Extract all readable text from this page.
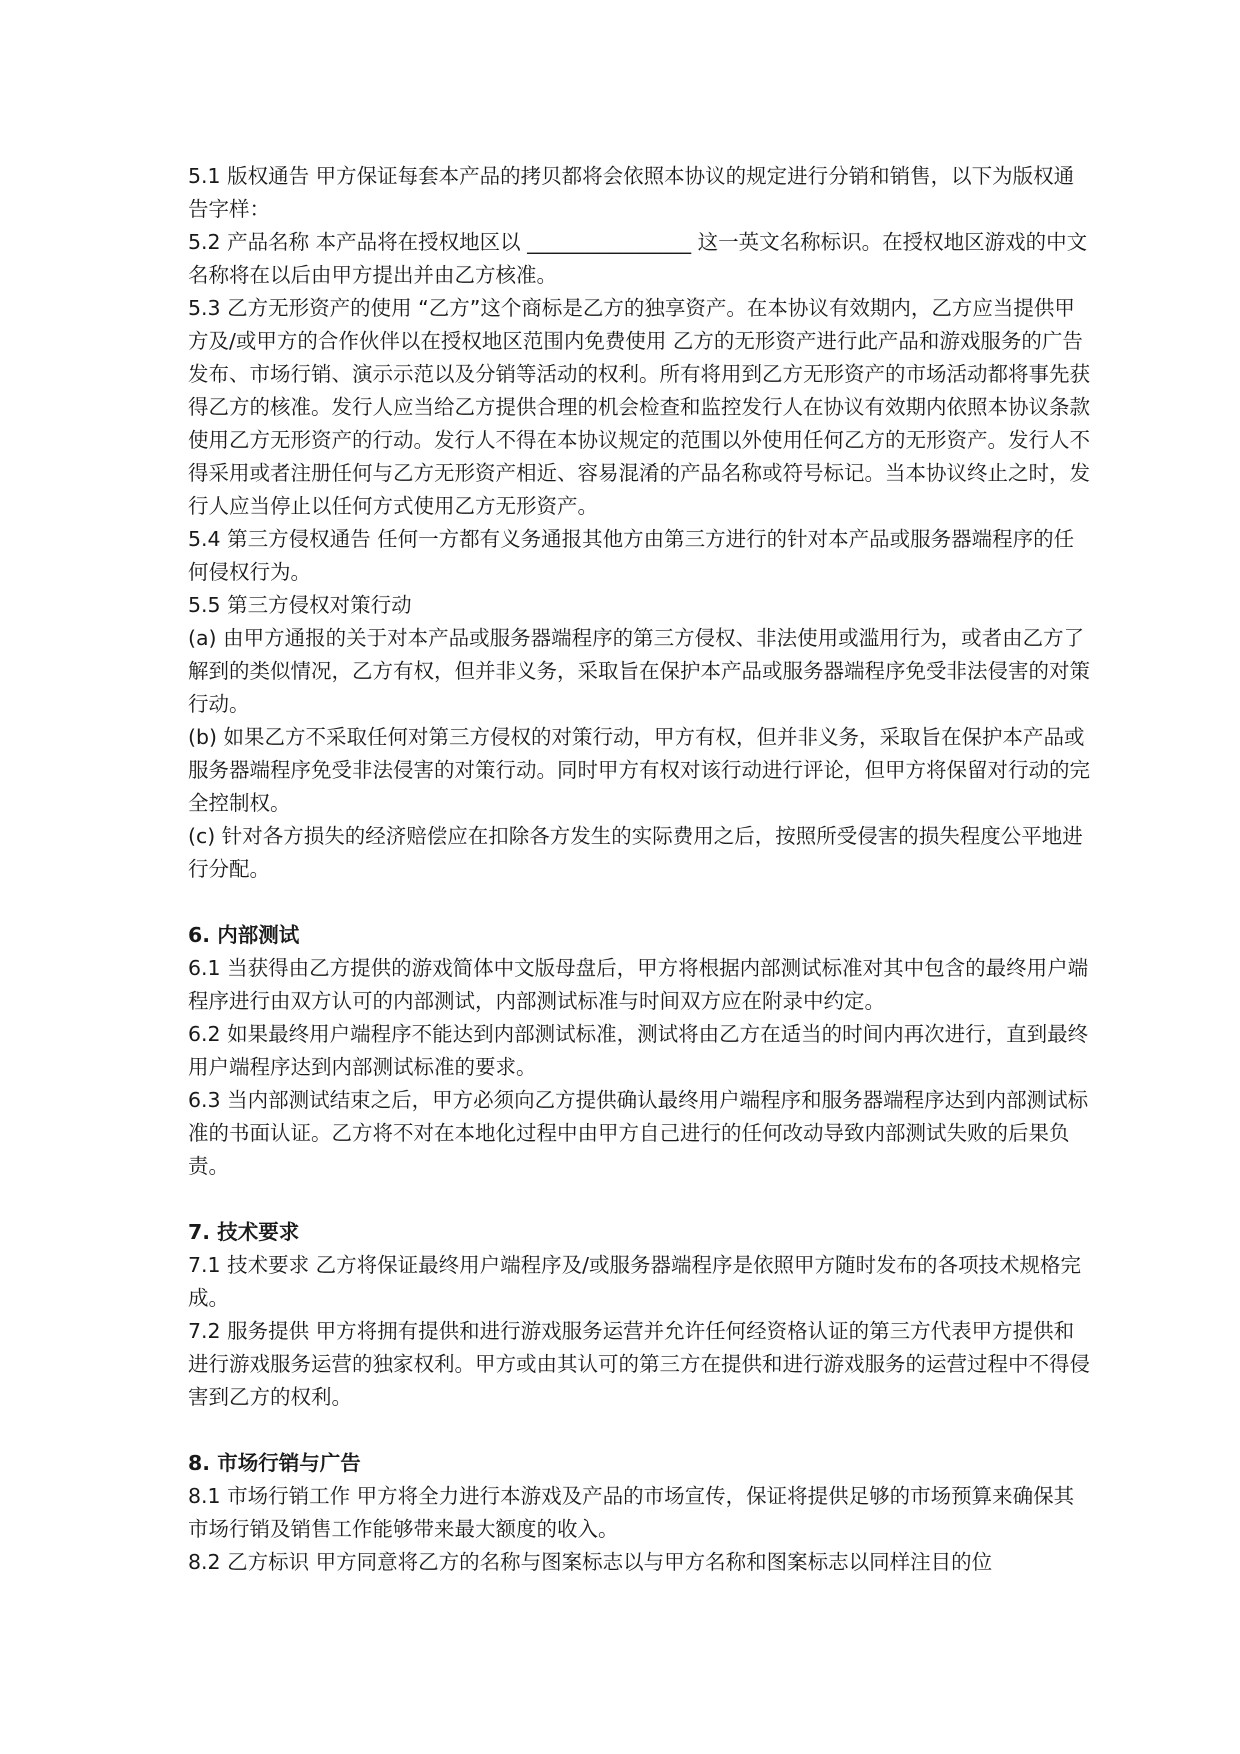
5.1 版权通告 甲方保证每套本产品的拷贝都将会依照本协议的规定进行分销和销售，以下为版权通告字样：

5.2 产品名称 本产品将在授权地区以 ________________ 这一英文名称标识。在授权地区游戏的中文名称将在以后由甲方提出并由乙方核准。

5.3 乙方无形资产的使用 “乙方”这个商标是乙方的独享资产。在本协议有效期内，乙方应当提供甲方及/或甲方的合作伙伴以在授权地区范围内免费使用 乙方的无形资产进行此产品和游戏服务的广告发布、市场行销、演示示范以及分销等活动的权利。所有将用到乙方无形资产的市场活动都将事先获得乙方的核准。发行人应当给乙方提供合理的机会检查和监控发行人在协议有效期内依照本协议条款使用乙方无形资产的行动。发行人不得在本协议规定的范围以外使用任何乙方的无形资产。发行人不得采用或者注册任何与乙方无形资产相近、容易混淆的产品名称或符号标记。当本协议终止之时，发行人应当停止以任何方式使用乙方无形资产。

5.4 第三方侵权通告 任何一方都有义务通报其他方由第三方进行的针对本产品或服务器端程序的任何侵权行为。

5.5 第三方侵权对策行动

(a) 由甲方通报的关于对本产品或服务器端程序的第三方侵权、非法使用或滥用行为，或者由乙方了解到的类似情况，乙方有权，但并非义务，采取旨在保护本产品或服务器端程序免受非法侵害的对策行动。

(b) 如果乙方不采取任何对第三方侵权的对策行动，甲方有权，但并非义务，采取旨在保护本产品或服务器端程序免受非法侵害的对策行动。同时甲方有权对该行动进行评论，但甲方将保留对行动的完全控制权。

(c) 针对各方损失的经济赔偿应在扣除各方发生的实际费用之后，按照所受侵害的损失程度公平地进行分配。

6. 内部测试

6.1 当获得由乙方提供的游戏简体中文版母盘后，甲方将根据内部测试标准对其中包含的最终用户端程序进行由双方认可的内部测试，内部测试标准与时间双方应在附录中约定。

6.2 如果最终用户端程序不能达到内部测试标准，测试将由乙方在适当的时间内再次进行，直到最终用户端程序达到内部测试标准的要求。

6.3 当内部测试结束之后，甲方必须向乙方提供确认最终用户端程序和服务器端程序达到内部测试标准的书面认证。乙方将不对在本地化过程中由甲方自己进行的任何改动导致内部测试失败的后果负责。

7. 技术要求

7.1 技术要求 乙方将保证最终用户端程序及/或服务器端程序是依照甲方随时发布的各项技术规格完成。

7.2 服务提供 甲方将拥有提供和进行游戏服务运营并允许任何经资格认证的第三方代表甲方提供和进行游戏服务运营的独家权利。甲方或由其认可的第三方在提供和进行游戏服务的运营过程中不得侵害到乙方的权利。

8. 市场行销与广告

8.1 市场行销工作 甲方将全力进行本游戏及产品的市场宣传，保证将提供足够的市场预算来确保其市场行销及销售工作能够带来最大额度的收入。

8.2 乙方标识 甲方同意将乙方的名称与图案标志以与甲方名称和图案标志以同样注目的位
